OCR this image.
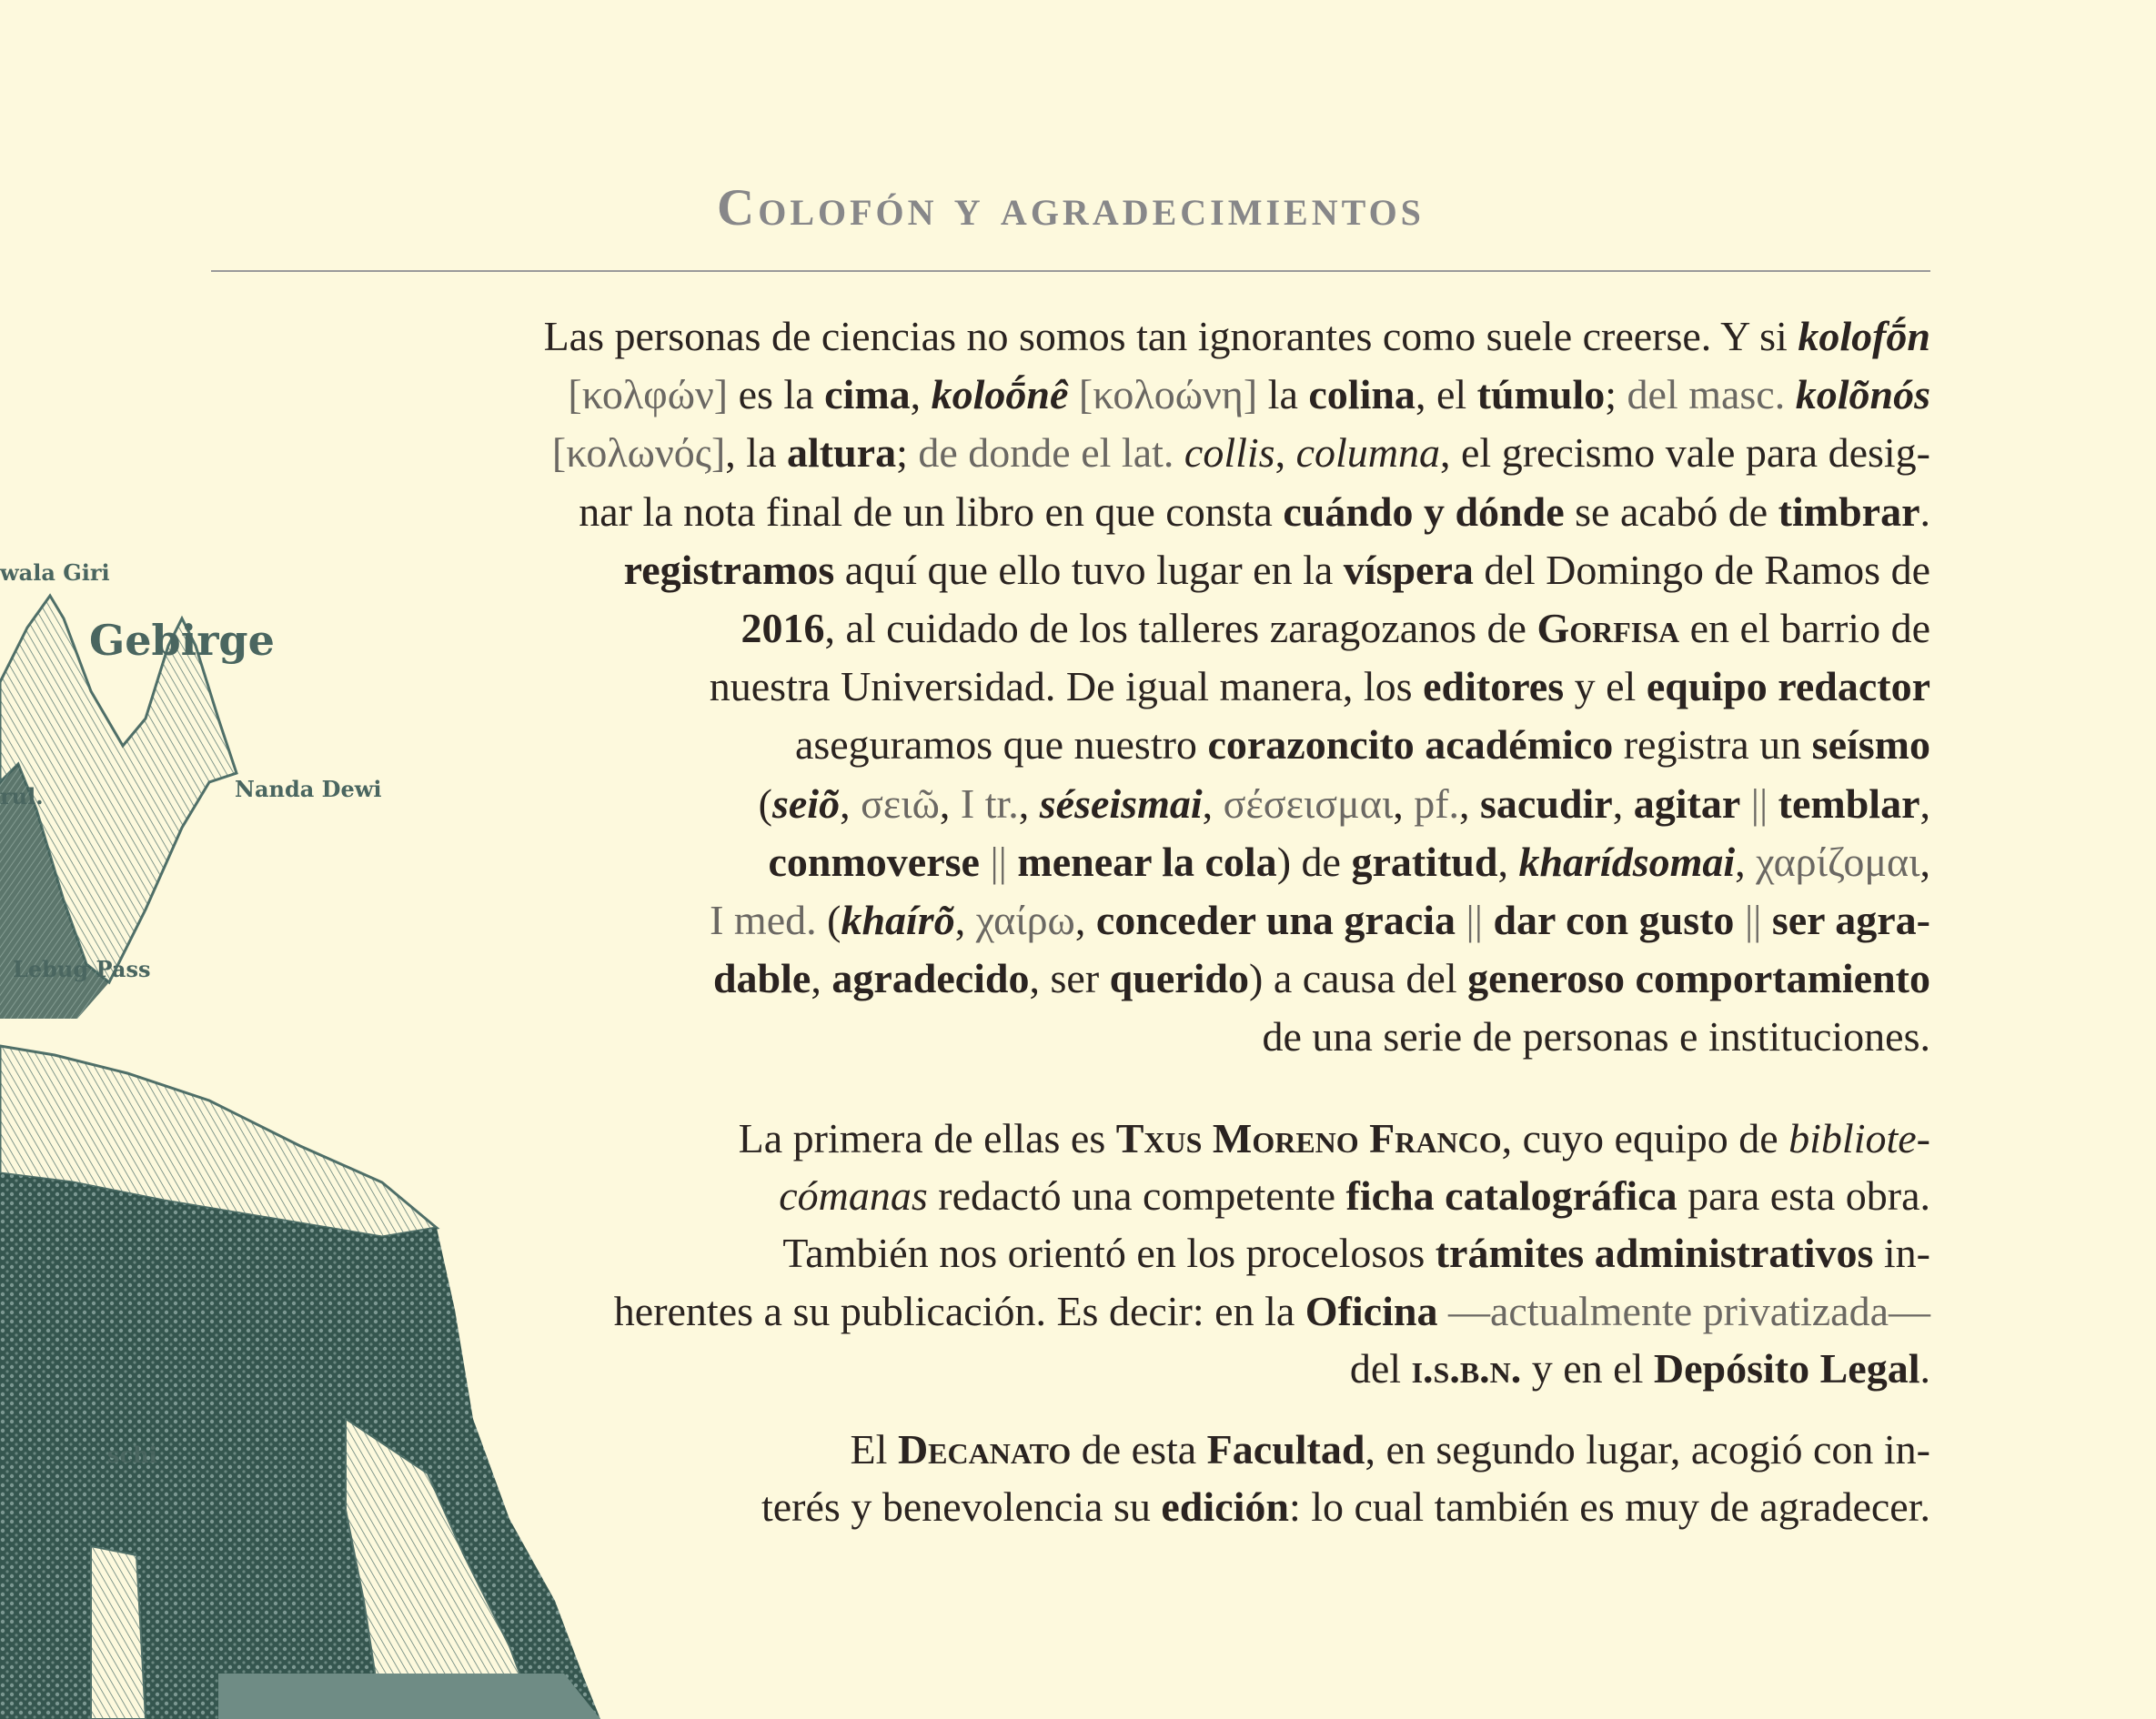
wala Giri
Gebirge
Nanda Dewi
rul.
Lebug Pass
schi
Colofón y agradecimientos
Las personas de ciencias no somos tan ignorantes como suele creerse. Y si kolofṓn
[κολφών] es la cima, koloṓnê [κολοώνη] la colina, el túmulo; del masc. kolõnós
[κολωνός], la altura; de donde el lat. collis, columna, el grecismo vale para desig-
nar la nota final de un libro en que consta cuándo y dónde se acabó de timbrar.
registramos aquí que ello tuvo lugar en la víspera del Domingo de Ramos de
2016, al cuidado de los talleres zaragozanos de Gorfisa en el barrio de
nuestra Universidad. De igual manera, los editores y el equipo redactor
aseguramos que nuestro corazoncito académico registra un seísmo
(seiõ, σειῶ, I tr., séseismai, σέσεισμαι, pf., sacudir, agitar || temblar,
conmoverse || menear la cola) de gratitud, kharídsomai, χαρίζομαι,
I med. (khaírõ, χαίρω, conceder una gracia || dar con gusto || ser agra-
dable, agradecido, ser querido) a causa del generoso comportamiento
de una serie de personas e instituciones.
La primera de ellas es Txus Moreno Franco, cuyo equipo de bibliote-
cómanas redactó una competente ficha catalográfica para esta obra.
También nos orientó en los procelosos trámites administrativos in-
herentes a su publicación. Es decir: en la Oficina —actualmente privatizada—
del i.s.b.n. y en el Depósito Legal.
El Decanato de esta Facultad, en segundo lugar, acogió con in-
terés y benevolencia su edición: lo cual también es muy de agradecer.
